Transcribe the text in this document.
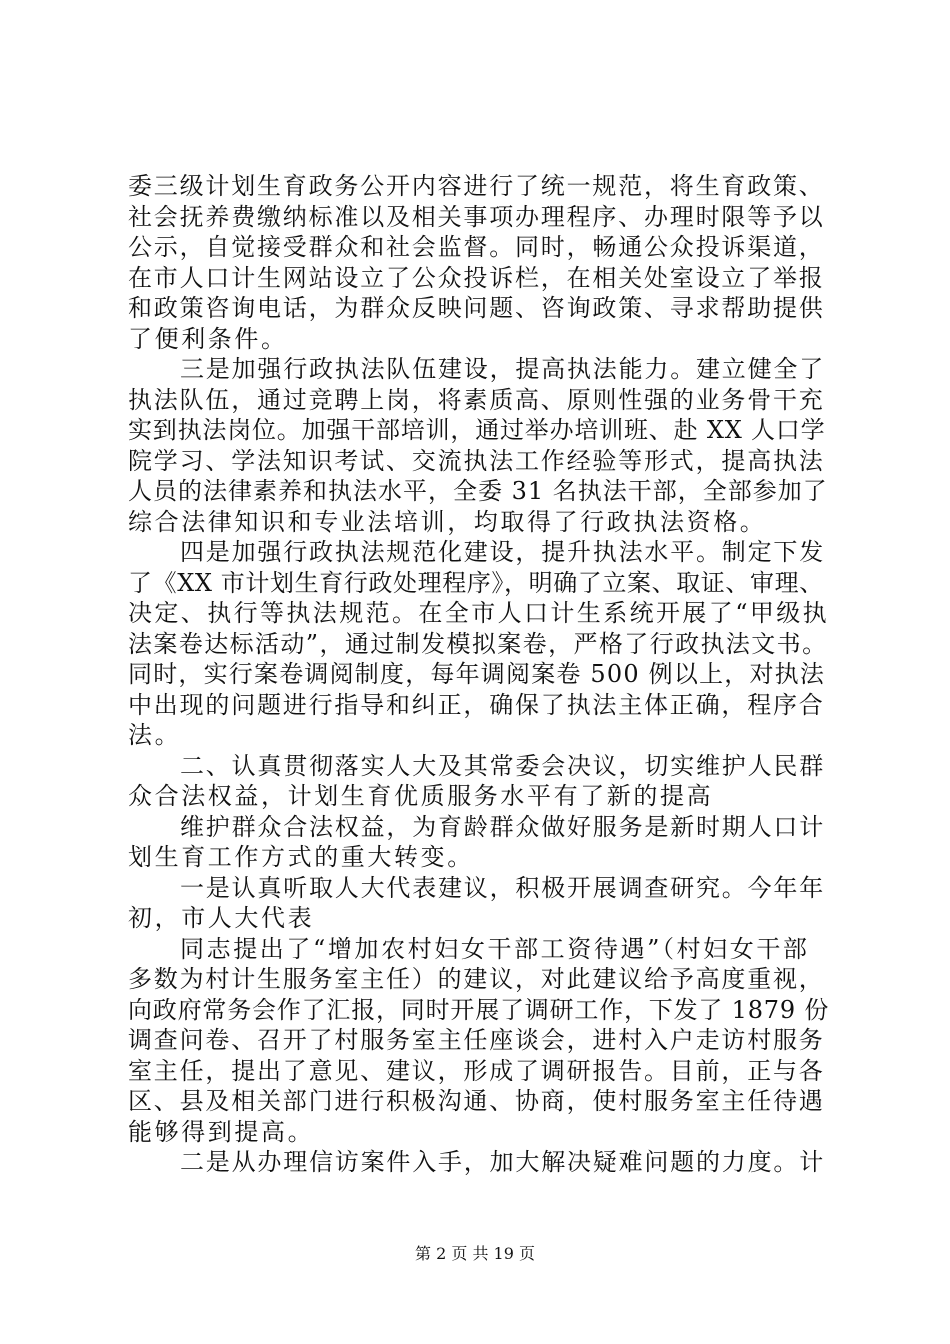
委三级计划生育政务公开内容进行了统一规范，将生育政策、
社会抚养费缴纳标准以及相关事项办理程序、办理时限等予以
公示，自觉接受群众和社会监督。同时，畅通公众投诉渠道，
在市人口计生网站设立了公众投诉栏，在相关处室设立了举报
和政策咨询电话，为群众反映问题、咨询政策、寻求帮助提供
了便利条件。
三是加强行政执法队伍建设，提高执法能力。建立健全了
执法队伍，通过竞聘上岗，将素质高、原则性强的业务骨干充
实到执法岗位。加强干部培训，通过举办培训班、赴 XX 人口学
院学习、学法知识考试、交流执法工作经验等形式，提高执法
人员的法律素养和执法水平，全委 31 名执法干部，全部参加了
综合法律知识和专业法培训，均取得了行政执法资格。
四是加强行政执法规范化建设，提升执法水平。制定下发
了《XX 市计划生育行政处理程序》，明确了立案、取证、审理、
决定、执行等执法规范。在全市人口计生系统开展了“甲级执
法案卷达标活动”，通过制发模拟案卷，严格了行政执法文书。
同时，实行案卷调阅制度，每年调阅案卷 500 例以上，对执法
中出现的问题进行指导和纠正，确保了执法主体正确，程序合
法。
二、认真贯彻落实人大及其常委会决议，切实维护人民群
众合法权益，计划生育优质服务水平有了新的提高
维护群众合法权益，为育龄群众做好服务是新时期人口计
划生育工作方式的重大转变。
一是认真听取人大代表建议，积极开展调查研究。今年年
初，市人大代表
同志提出了“增加农村妇女干部工资待遇”（村妇女干部
多数为村计生服务室主任）的建议，对此建议给予高度重视，
向政府常务会作了汇报，同时开展了调研工作，下发了 1879 份
调查问卷、召开了村服务室主任座谈会，进村入户走访村服务
室主任，提出了意见、建议，形成了调研报告。目前，正与各
区、县及相关部门进行积极沟通、协商，使村服务室主任待遇
能够得到提高。
二是从办理信访案件入手，加大解决疑难问题的力度。计
第 2 页 共 19 页
